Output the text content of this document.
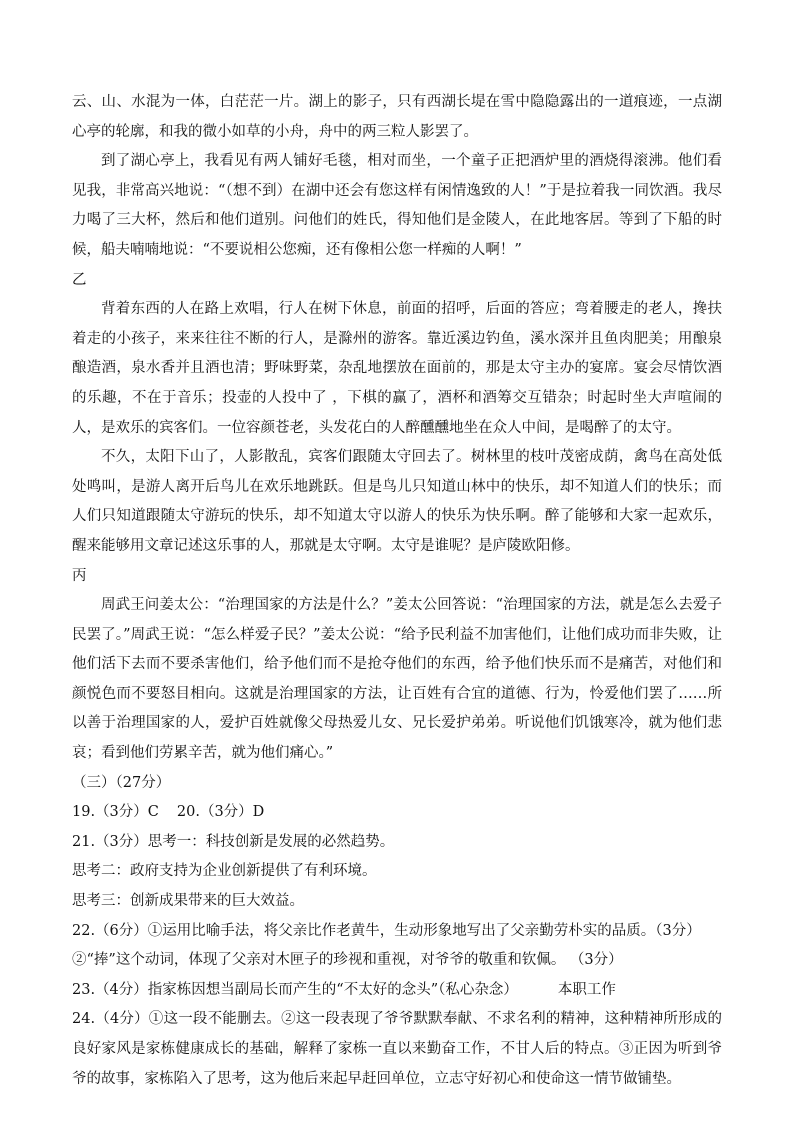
云、山、水混为一体，白茫茫一片。湖上的影子，只有西湖长堤在雪中隐隐露出的一道痕迹，一点湖心亭的轮廓，和我的微小如草的小舟，舟中的两三粒人影罢了。

到了湖心亭上，我看见有两人铺好毛毯，相对而坐，一个童子正把酒炉里的酒烧得滚沸。他们看见我，非常高兴地说：“（想不到）在湖中还会有您这样有闲情逸致的人！”于是拉着我一同饮酒。我尽力喝了三大杯，然后和他们道别。问他们的姓氏，得知他们是金陵人，在此地客居。等到了下船的时候，船夫喃喃地说：“不要说相公您痴，还有像相公您一样痴的人啊！”

乙

背着东西的人在路上欢唱，行人在树下休息，前面的招呼，后面的答应；弯着腰走的老人，搀扶着走的小孩子，来来往往不断的行人，是滁州的游客。靠近溪边钓鱼，溪水深并且鱼肉肥美；用酿泉酿造酒，泉水香并且酒也清；野味野菜，杂乱地摆放在面前的，那是太守主办的宴席。宴会尽情饮酒的乐趣，不在于音乐；投壶的人投中了 ，下棋的赢了，酒杯和酒筹交互错杂；时起时坐大声喧闹的人，是欢乐的宾客们。一位容颜苍老，头发花白的人醉醺醺地坐在众人中间，是喝醉了的太守。

不久，太阳下山了，人影散乱，宾客们跟随太守回去了。树林里的枝叶茂密成荫，禽鸟在高处低处鸣叫，是游人离开后鸟儿在欢乐地跳跃。但是鸟儿只知道山林中的快乐，却不知道人们的快乐；而人们只知道跟随太守游玩的快乐，却不知道太守以游人的快乐为快乐啊。醉了能够和大家一起欢乐，醒来能够用文章记述这乐事的人，那就是太守啊。太守是谁呢？是庐陵欧阳修。

丙

周武王问姜太公：“治理国家的方法是什么？”姜太公回答说：“治理国家的方法，就是怎么去爱子民罢了。”周武王说：“怎么样爱子民？”姜太公说：“给予民利益不加害他们，让他们成功而非失败，让他们活下去而不要杀害他们，给予他们而不是抢夺他们的东西，给予他们快乐而不是痛苦，对他们和颜悦色而不要怒目相向。这就是治理国家的方法，让百姓有合宜的道德、行为，怜爱他们罢了……所以善于治理国家的人，爱护百姓就像父母热爱儿女、兄长爱护弟弟。听说他们饥饿寒冷，就为他们悲哀；看到他们劳累辛苦，就为他们痛心。”

（三）（27分）

19.（3分）C 20.（3分）D

21.（3分）思考一：科技创新是发展的必然趋势。

思考二：政府支持为企业创新提供了有利环境。

思考三：创新成果带来的巨大效益。

22.（6分）①运用比喻手法，将父亲比作老黄牛，生动形象地写出了父亲勤劳朴实的品质。（3分）

②“捧”这个动词，体现了父亲对木匣子的珍视和重视，对爷爷的敬重和钦佩。 （3分）

23.（4分）指家栋因想当副局长而产生的“不太好的念头”（私心杂念）	本职工作

24.（4分）①这一段不能删去。②这一段表现了爷爷默默奉献、不求名利的精神，这种精神所形成的良好家风是家栋健康成长的基础，解释了家栋一直以来勤奋工作，不甘人后的特点。③正因为听到爷爷的故事，家栋陷入了思考，这为他后来起早赶回单位，立志守好初心和使命这一情节做铺垫。
